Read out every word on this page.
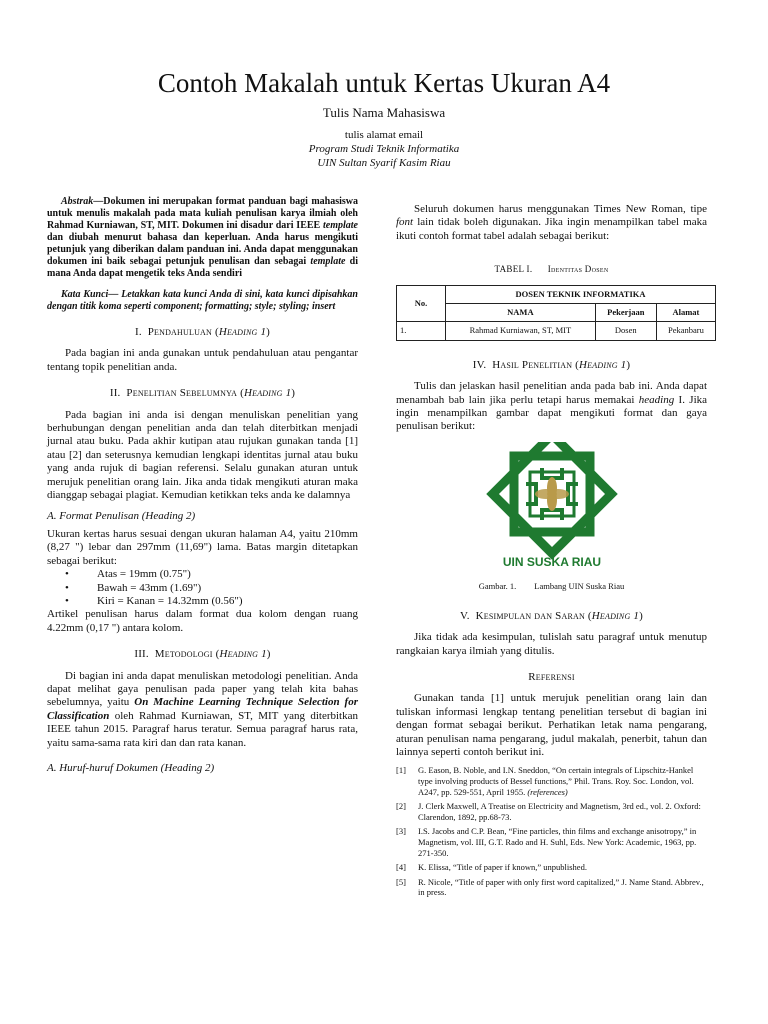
Contoh Makalah untuk Kertas Ukuran A4
Tulis Nama Mahasiswa
tulis alamat email
Program Studi Teknik Informatika
UIN Sultan Syarif Kasim Riau

Abstrak—Dokumen ini merupakan format panduan bagi mahasiswa untuk menulis makalah pada mata kuliah penulisan karya ilmiah oleh Rahmad Kurniawan, ST, MIT. Dokumen ini disadur dari IEEE template dan diubah menurut bahasa dan keperluan. Anda harus mengikuti petunjuk yang diberikan dalam panduan ini. Anda dapat menggunakan dokumen ini baik sebagai petunjuk penulisan dan sebagai template di mana Anda dapat mengetik teks Anda sendiri

Kata Kunci— Letakkan kata kunci Anda di sini, kata kunci dipisahkan dengan titik koma seperti component; formatting; style; styling; insert

I. Pendahuluan (Heading 1)

Pada bagian ini anda gunakan untuk pendahuluan atau pengantar tentang topik penelitian anda.

II. Penelitian Sebelumnya (Heading 1)

Pada bagian ini anda isi dengan menuliskan penelitian yang berhubungan dengan penelitian anda dan telah diterbitkan menjadi jurnal atau buku. Pada akhir kutipan atau rujukan gunakan tanda [1] atau [2] dan seterusnya kemudian lengkapi identitas jurnal atau buku yang anda rujuk di bagian referensi. Selalu gunakan aturan untuk merujuk penelitian orang lain. Jika anda tidak mengikuti aturan maka dianggap sebagai plagiat. Kemudian ketikkan teks anda ke dalamnya

A. Format Penulisan (Heading 2)

Ukuran kertas harus sesuai dengan ukuran halaman A4, yaitu 210mm (8,27 ") lebar dan 297mm (11,69") lama. Batas margin ditetapkan sebagai berikut:

• Atas = 19mm (0.75")
• Bawah = 43mm (1.69")
• Kiri = Kanan = 14.32mm (0.56")

Artikel penulisan harus dalam format dua kolom dengan ruang 4.22mm (0,17 ") antara kolom.

III. Metodologi (Heading 1)

Di bagian ini anda dapat menuliskan metodologi penelitian. Anda dapat melihat gaya penulisan pada paper yang telah kita bahas sebelumnya, yaitu On Machine Learning Technique Selection for Classification oleh Rahmad Kurniawan, ST, MIT yang diterbitkan IEEE tahun 2015. Paragraf harus teratur. Semua paragraf harus rata, yaitu sama-sama rata kiri dan dan rata kanan.

A. Huruf-huruf Dokumen (Heading 2)

Seluruh dokumen harus menggunakan Times New Roman, tipe font lain tidak boleh digunakan. Jika ingin menampilkan tabel maka ikuti contoh format tabel adalah sebagai berikut:

TABEL I. Identitas Dosen
No.	DOSEN TEKNIK INFORMATIKA		
	NAMA	Pekerjaan	Alamat
1.	Rahmad Kurniawan, ST, MIT	Dosen	Pekanbaru
IV. Hasil Penelitian (Heading 1)

Tulis dan jelaskan hasil penelitian anda pada bab ini. Anda dapat menambah bab lain jika perlu tetapi harus memakai heading I. Jika ingin menampilkan gambar dapat mengikuti format dan gaya penulisan berikut:

UIN SUSKA RIAU
Gambar. 1. Lambang UIN Suska Riau
V. Kesimpulan dan Saran (Heading 1)

Jika tidak ada kesimpulan, tulislah satu paragraf untuk menutup rangkaian karya ilmiah yang ditulis.

Referensi

Gunakan tanda [1] untuk merujuk penelitian orang lain dan tuliskan informasi lengkap tentang penelitian tersebut di bagian ini dengan format sebagai berikut. Perhatikan letak nama pengarang, aturan penulisan nama pengarang, judul makalah, penerbit, tahun dan lainnya seperti contoh berikut ini.

[1]	G. Eason, B. Noble, and I.N. Sneddon, “On certain integrals of Lipschitz-Hankel type involving products of Bessel functions,” Phil. Trans. Roy. Soc. London, vol. A247, pp. 529-551, April 1955. (references)
[2]	J. Clerk Maxwell, A Treatise on Electricity and Magnetism, 3rd ed., vol. 2. Oxford: Clarendon, 1892, pp.68-73.
[3]	I.S. Jacobs and C.P. Bean, “Fine particles, thin films and exchange anisotropy,” in Magnetism, vol. III, G.T. Rado and H. Suhl, Eds. New York: Academic, 1963, pp. 271-350.
[4]	K. Elissa, “Title of paper if known,” unpublished.
[5]	R. Nicole, “Title of paper with only first word capitalized,” J. Name Stand. Abbrev., in press.
